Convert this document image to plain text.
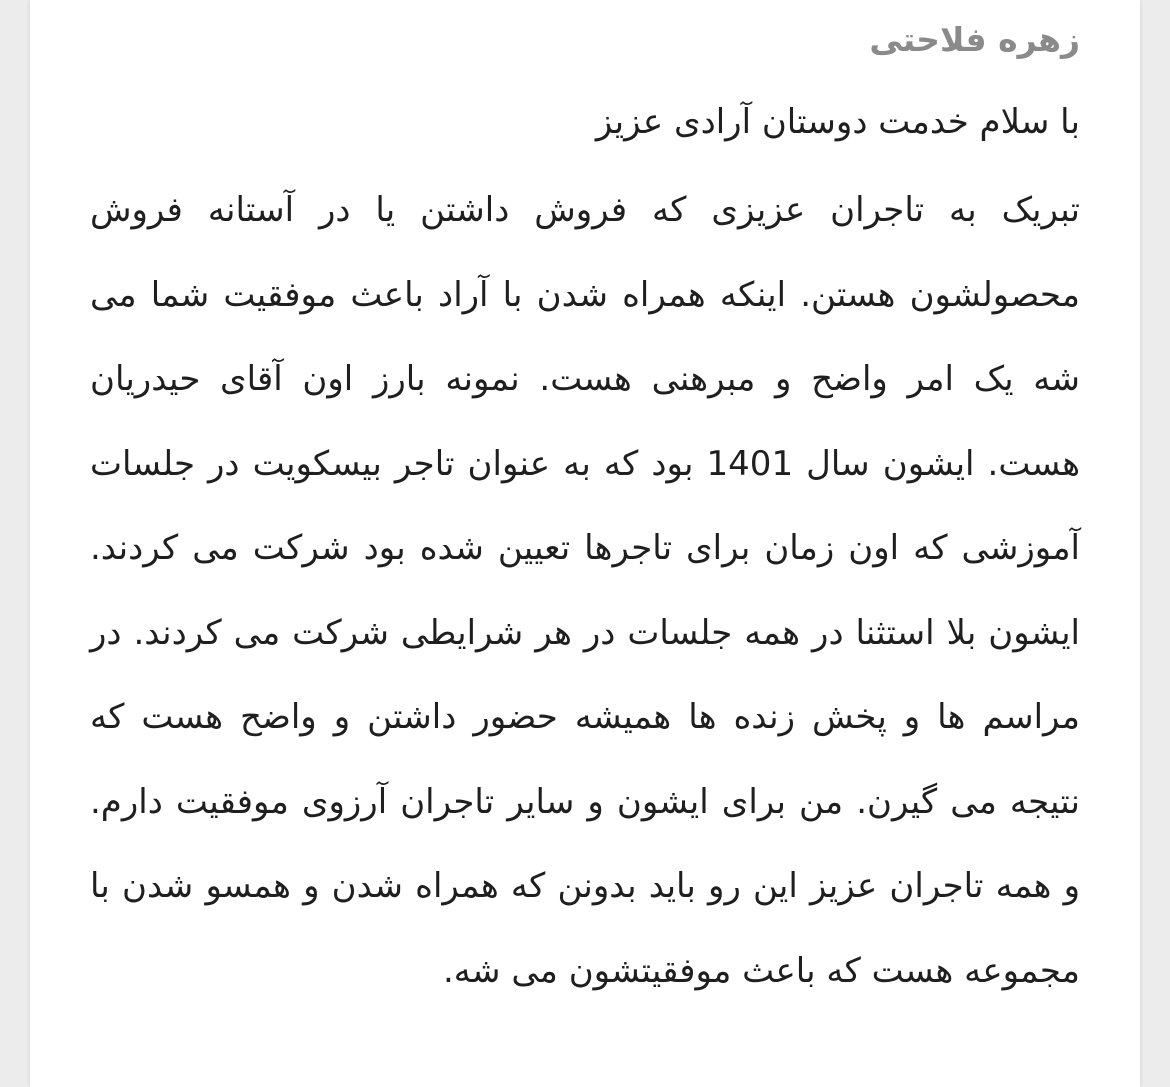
زهره فلاحتی

با سلام خدمت دوستان آرادی عزیز

تبریک به تاجران عزیزی که فروش داشتن یا در آستانه فروش محصولشون هستن. اینکه همراه شدن با آراد باعث موفقیت شما می شه یک امر واضح و مبرهنی هست. نمونه بارز اون آقای حیدریان هست. ایشون سال 1401 بود که به عنوان تاجر بیسکویت در جلسات آموزشی که اون زمان برای تاجرها تعیین شده بود شرکت می کردند. ایشون بلا استثنا در همه جلسات در هر شرایطی شرکت می کردند. در مراسم ها و پخش زنده ها همیشه حضور داشتن و واضح هست که نتیجه می گیرن. من برای ایشون و سایر تاجران آرزوی موفقیت دارم. و همه تاجران عزیز این رو باید بدونن که همراه شدن و همسو شدن با مجموعه هست که باعث موفقیتشون می شه.
